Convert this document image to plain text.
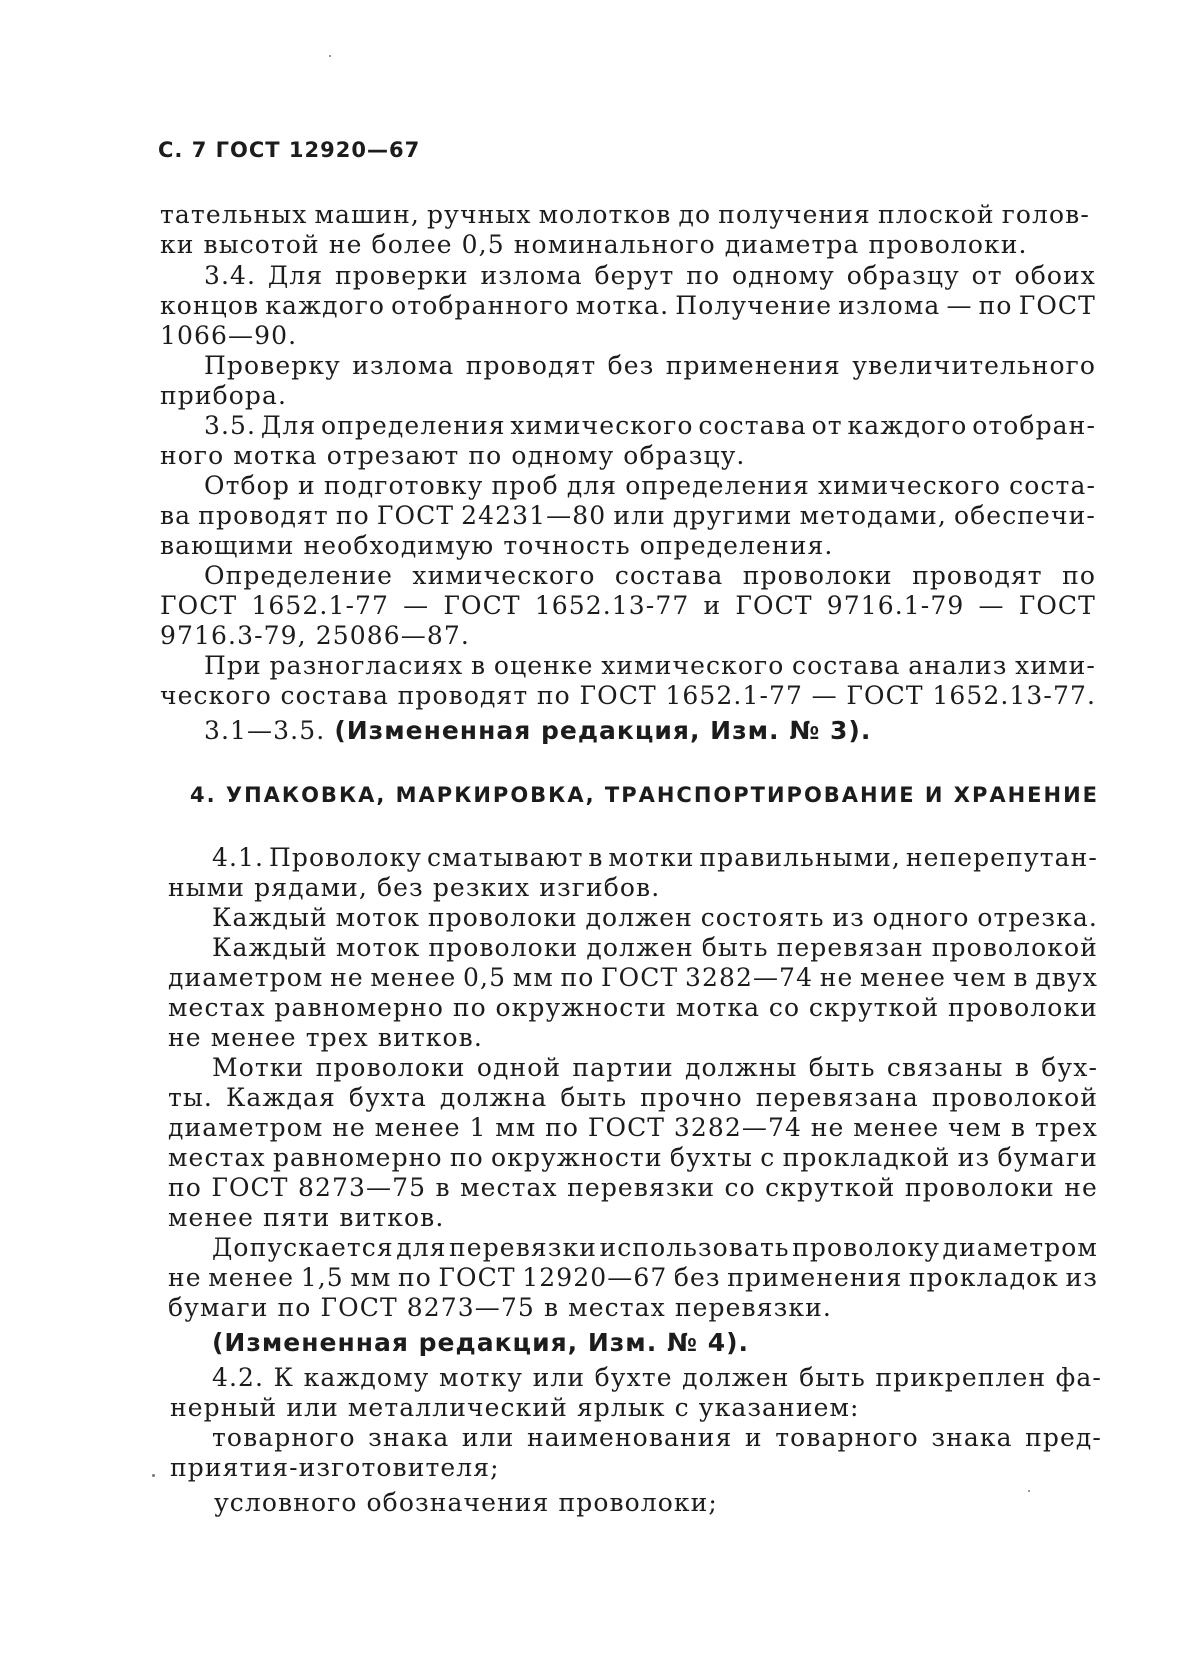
С. 7 ГОСТ 12920—67
тательных машин, ручных молотков до получения плоской голов-
ки высотой не более 0,5 номинального диаметра проволоки.
3.4. Для проверки излома берут по одному образцу от обоих
концов каждого отобранного мотка. Получение излома — по ГОСТ
1066—90.
Проверку излома проводят без применения увеличительного
прибора.
3.5. Для определения химического состава от каждого отобран-
ного мотка отрезают по одному образцу.
Отбор и подготовку проб для определения химического соста-
ва проводят по ГОСТ 24231—80 или другими методами, обеспечи-
вающими необходимую точность определения.
Определение химического состава проволоки проводят по
ГОСТ 1652.1-77 — ГОСТ 1652.13-77 и ГОСТ 9716.1-79 — ГОСТ
9716.3-79, 25086—87.
При разногласиях в оценке химического состава анализ хими-
ческого состава проводят по ГОСТ 1652.1-77 — ГОСТ 1652.13-77.
3.1—3.5. (Измененная редакция, Изм. № 3).
4. УПАКОВКА, МАРКИРОВКА, ТРАНСПОРТИРОВАНИЕ И ХРАНЕНИЕ
4.1. Проволоку сматывают в мотки правильными, неперепутан-
ными рядами, без резких изгибов.
Каждый моток проволоки должен состоять из одного отрезка.
Каждый моток проволоки должен быть перевязан проволокой
диаметром не менее 0,5 мм по ГОСТ 3282—74 не менее чем в двух
местах равномерно по окружности мотка со скруткой проволоки
не менее трех витков.
Мотки проволоки одной партии должны быть связаны в бух-
ты. Каждая бухта должна быть прочно перевязана проволокой
диаметром не менее 1 мм по ГОСТ 3282—74 не менее чем в трех
местах равномерно по окружности бухты с прокладкой из бумаги
по ГОСТ 8273—75 в местах перевязки со скруткой проволоки не
менее пяти витков.
Допускается для перевязки использовать проволоку диаметром
не менее 1,5 мм по ГОСТ 12920—67 без применения прокладок из
бумаги по ГОСТ 8273—75 в местах перевязки.
(Измененная редакция, Изм. № 4).
4.2. К каждому мотку или бухте должен быть прикреплен фа-
нерный или металлический ярлык с указанием:
товарного знака или наименования и товарного знака пред-
приятия-изготовителя;
условного обозначения проволоки;
